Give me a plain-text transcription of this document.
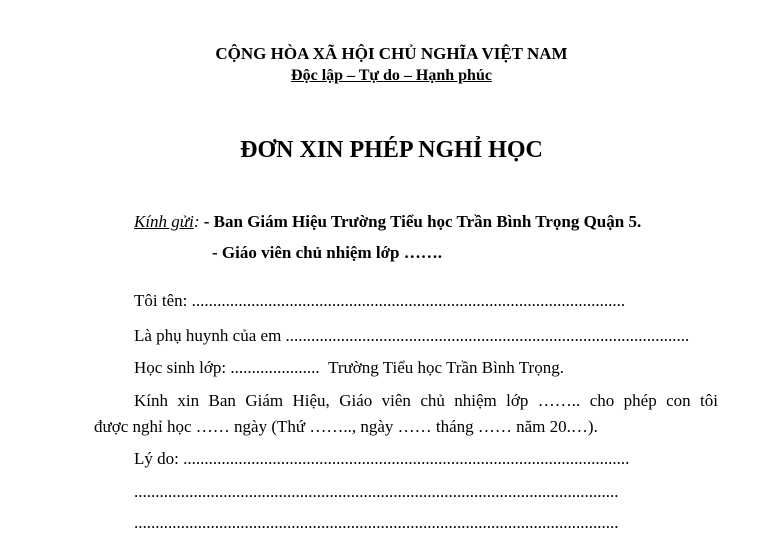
CỘNG HÒA XÃ HỘI CHỦ NGHĨA VIỆT NAM
Độc lập – Tự do – Hạnh phúc
ĐƠN XIN PHÉP NGHỈ HỌC
Kính gửi: - Ban Giám Hiệu Trường Tiểu học Trần Bình Trọng Quận 5.
- Giáo viên chủ nhiệm lớp …….
Tôi tên: ......................................................................................................
Là phụ huynh của em ...............................................................................................
Học sinh lớp: ..................... Trường Tiểu học Trần Bình Trọng.
Kính xin Ban Giám Hiệu, Giáo viên chủ nhiệm lớp …….. cho phép con tôi
được nghỉ học …… ngày (Thứ …….., ngày …… tháng …… năm 20.…).
Lý do: .........................................................................................................
..................................................................................................................
..................................................................................................................
